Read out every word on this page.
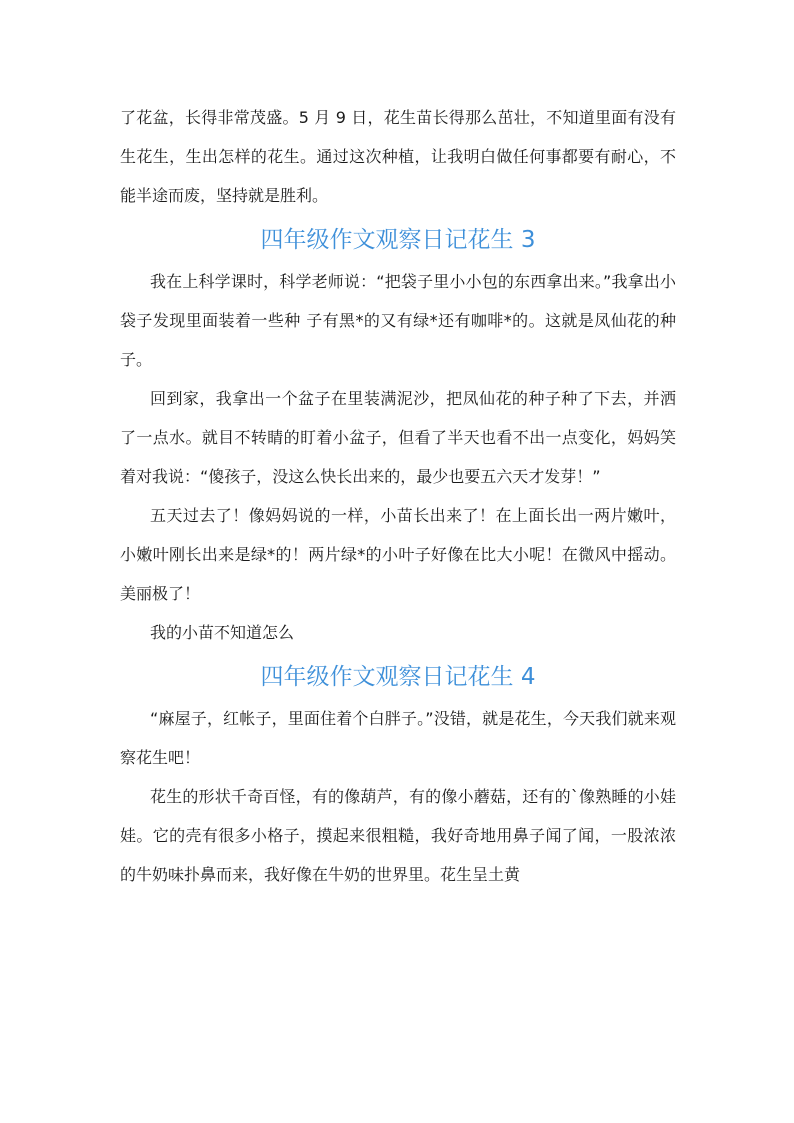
了花盆，长得非常茂盛。5 月 9 日，花生苗长得那么茁壮，不知道里面有没有生花生，生出怎样的花生。通过这次种植，让我明白做任何事都要有耐心，不能半途而废，坚持就是胜利。

四年级作文观察日记花生 3

我在上科学课时，科学老师说：“把袋子里小小包的东西拿出来。”我拿出小袋子发现里面装着一些种 子有黑*的又有绿*还有咖啡*的。这就是凤仙花的种子。

回到家，我拿出一个盆子在里装满泥沙，把凤仙花的种子种了下去，并洒了一点水。就目不转睛的盯着小盆子，但看了半天也看不出一点变化，妈妈笑着对我说：“傻孩子，没这么快长出来的，最少也要五六天才发芽！”

五天过去了！像妈妈说的一样，小苗长出来了！在上面长出一两片嫩叶，小嫩叶刚长出来是绿*的！两片绿*的小叶子好像在比大小呢！在微风中摇动。美丽极了！

我的小苗不知道怎么

四年级作文观察日记花生 4

“麻屋子，红帐子，里面住着个白胖子。”没错，就是花生，今天我们就来观察花生吧！

花生的形状千奇百怪，有的像葫芦，有的像小蘑菇，还有的`像熟睡的小娃娃。它的壳有很多小格子，摸起来很粗糙，我好奇地用鼻子闻了闻，一股浓浓的牛奶味扑鼻而来，我好像在牛奶的世界里。花生呈土黄
